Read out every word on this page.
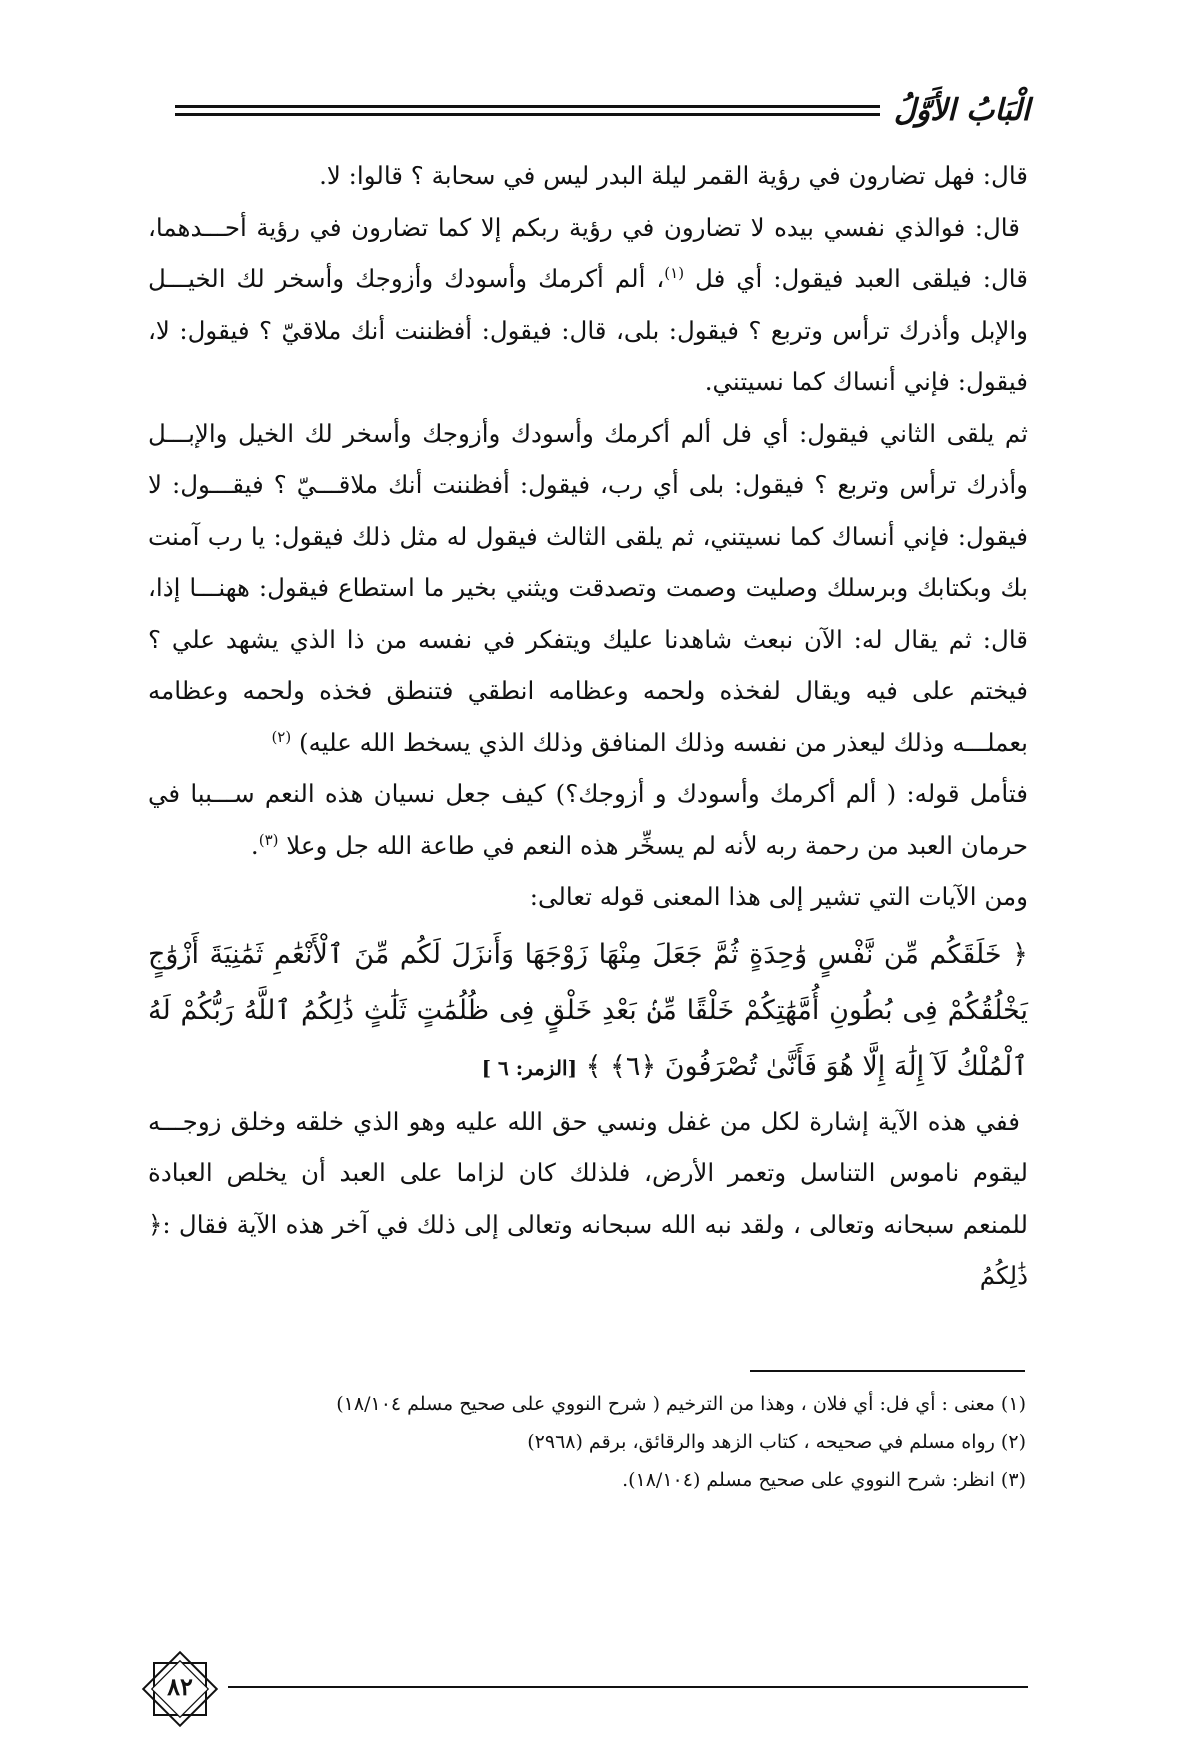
الْبَابُ الأَوَّلُ

قال: فهل تضارون في رؤية القمر ليلة البدر ليس في سحابة ؟ قالوا: لا.

قال: فوالذي نفسي بيده لا تضارون في رؤية ربكم إلا كما تضارون في رؤية أحـــدهما، قال: فيلقى العبد فيقول: أي فل $^{(١)}$، ألم أكرمك وأسودك وأزوجك وأسخر لك الخيـــل والإبل وأذرك ترأس وتربع ؟ فيقول: بلى، قال: فيقول: أفظننت أنك ملاقيّ ؟ فيقول: لا، فيقول: فإني أنساك كما نسيتني.

ثم يلقى الثاني فيقول: أي فل ألم أكرمك وأسودك وأزوجك وأسخر لك الخيل والإبـــل وأذرك ترأس وتربع ؟ فيقول: بلى أي رب، فيقول: أفظننت أنك ملاقـــيّ ؟ فيقـــول: لا فيقول: فإني أنساك كما نسيتني، ثم يلقى الثالث فيقول له مثل ذلك فيقول: يا رب آمنت بك وبكتابك وبرسلك وصليت وصمت وتصدقت ويثني بخير ما استطاع فيقول: ههنـــا إذا، قال: ثم يقال له: الآن نبعث شاهدنا عليك ويتفكر في نفسه من ذا الذي يشهد علي ؟ فيختم على فيه ويقال لفخذه ولحمه وعظامه انطقي فتنطق فخذه ولحمه وعظامه بعملـــه وذلك ليعذر من نفسه وذلك المنافق وذلك الذي يسخط الله عليه) $^{(٢)}$

فتأمل قوله: ( ألم أكرمك وأسودك و أزوجك؟) كيف جعل نسيان هذه النعم ســـببا في حرمان العبد من رحمة ربه لأنه لم يسخِّر هذه النعم في طاعة الله جل وعلا $^{(٣)}$.

ومن الآيات التي تشير إلى هذا المعنى قوله تعالى:

﴿ خَلَقَكُم مِّن نَّفْسٍ وَٰحِدَةٍ ثُمَّ جَعَلَ مِنْهَا زَوْجَهَا وَأَنزَلَ لَكُم مِّنَ ٱلْأَنْعَٰمِ ثَمَٰنِيَةَ أَزْوَٰجٍ يَخْلُقُكُمْ فِى بُطُونِ أُمَّهَٰتِكُمْ خَلْقًا مِّنۢ بَعْدِ خَلْقٍ فِى ظُلُمَٰتٍ ثَلَٰثٍ ذَٰلِكُمُ ٱللَّهُ رَبُّكُمْ لَهُ ٱلْمُلْكُ لَآ إِلَٰهَ إِلَّا هُوَ فَأَنَّىٰ تُصْرَفُونَ ﴿٦﴾ ﴾ [الزمر: ٦ ]

ففي هذه الآية إشارة لكل من غفل ونسي حق الله عليه وهو الذي خلقه وخلق زوجـــه ليقوم ناموس التناسل وتعمر الأرض، فلذلك كان لزاما على العبد أن يخلص العبادة للمنعم سبحانه وتعالى ، ولقد نبه الله سبحانه وتعالى إلى ذلك في آخر هذه الآية فقال :﴿ ذَٰلِكُمُ

(١) معنى : أي فل: أي فلان ، وهذا من الترخيم ( شرح النووي على صحيح مسلم ١٨/١٠٤)

(٢) رواه مسلم في صحيحه ، كتاب الزهد والرقائق، برقم (٢٩٦٨)

(٣) انظر: شرح النووي على صحيح مسلم (١٨/١٠٤).

٨٢
